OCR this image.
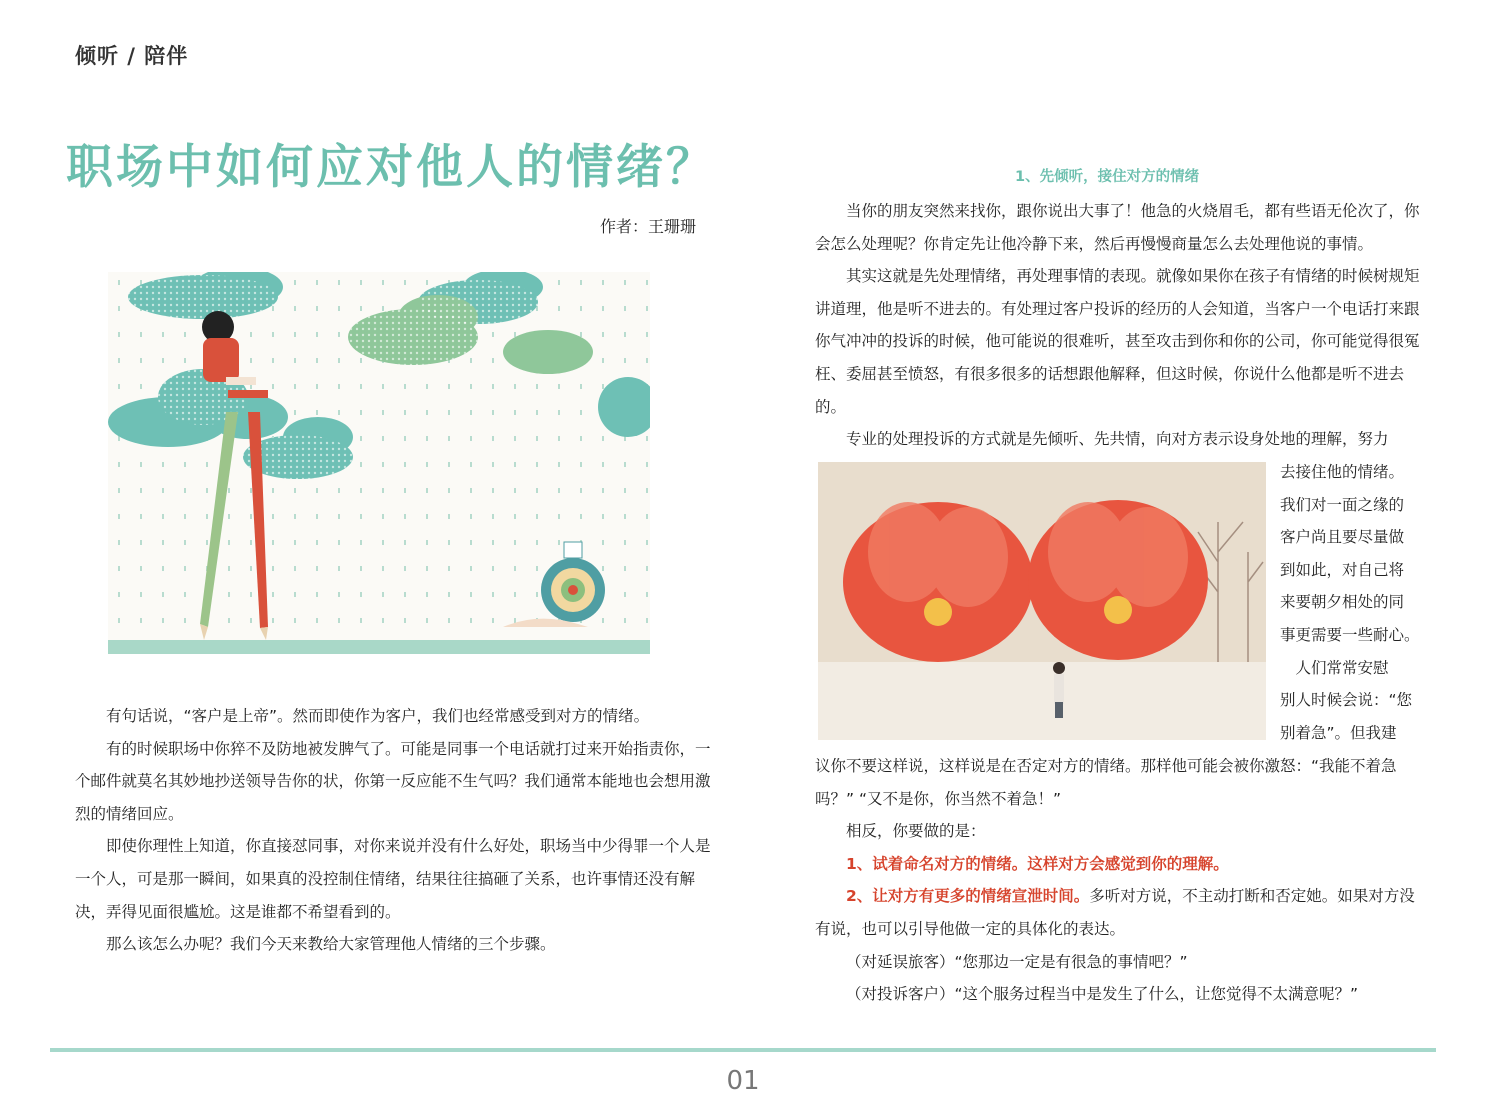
倾听 / 陪伴
职场中如何应对他人的情绪？
作者：王珊珊

有句话说，“客户是上帝”。然而即使作为客户，我们也经常感受到对方的情绪。

有的时候职场中你猝不及防地被发脾气了。可能是同事一个电话就打过来开始指责你，一个邮件就莫名其妙地抄送领导告你的状，你第一反应能不生气吗？我们通常本能地也会想用激烈的情绪回应。

即使你理性上知道，你直接怼同事，对你来说并没有什么好处，职场当中少得罪一个人是一个人，可是那一瞬间，如果真的没控制住情绪，结果往往搞砸了关系，也许事情还没有解决，弄得见面很尴尬。这是谁都不希望看到的。

那么该怎么办呢？我们今天来教给大家管理他人情绪的三个步骤。

1、先倾听，接住对方的情绪

当你的朋友突然来找你，跟你说出大事了！他急的火烧眉毛，都有些语无伦次了，你会怎么处理呢？你肯定先让他冷静下来，然后再慢慢商量怎么去处理他说的事情。

其实这就是先处理情绪，再处理事情的表现。就像如果你在孩子有情绪的时候树规矩讲道理，他是听不进去的。有处理过客户投诉的经历的人会知道，当客户一个电话打来跟你气冲冲的投诉的时候，他可能说的很难听，甚至攻击到你和你的公司，你可能觉得很冤枉、委屈甚至愤怒，有很多很多的话想跟他解释，但这时候，你说什么他都是听不进去的。

专业的处理投诉的方式就是先倾听、先共情，向对方表示设身处地的理解，努力

去接住他的情绪。

我们对一面之缘的

客户尚且要尽量做

到如此，对自己将

来要朝夕相处的同

事更需要一些耐心。

　人们常常安慰

别人时候会说：“您

别着急”。但我建

议你不要这样说，这样说是在否定对方的情绪。那样他可能会被你激怒：“我能不着急吗？” “又不是你，你当然不着急！”

相反，你要做的是：

1、试着命名对方的情绪。这样对方会感觉到你的理解。

2、让对方有更多的情绪宣泄时间。多听对方说，不主动打断和否定她。如果对方没有说，也可以引导他做一定的具体化的表达。

（对延误旅客）“您那边一定是有很急的事情吧？”

（对投诉客户）“这个服务过程当中是发生了什么，让您觉得不太满意呢？”

01
